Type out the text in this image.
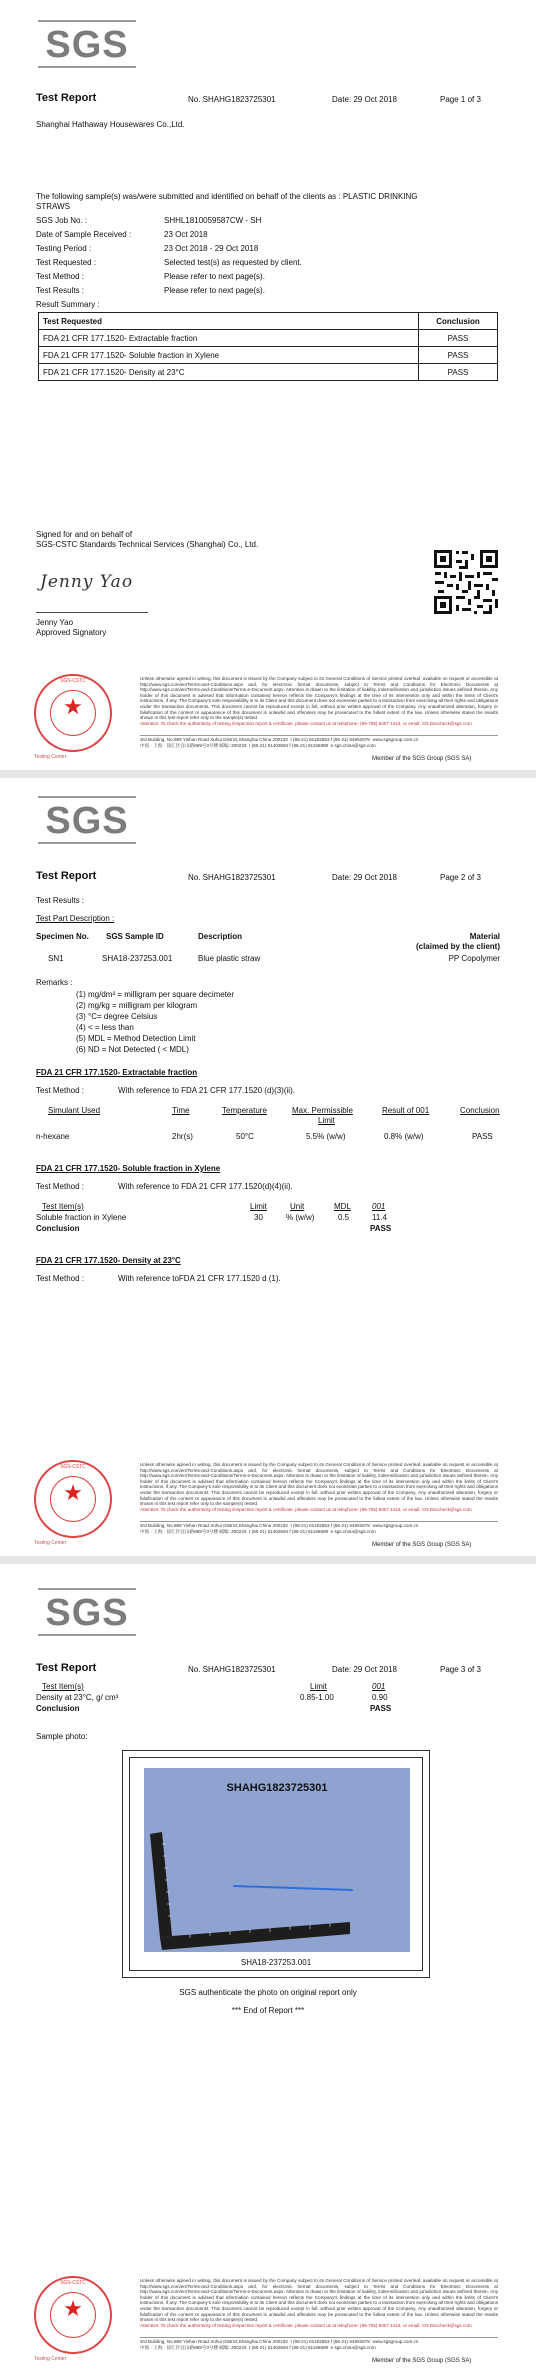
SGS
Test Report	No. SHAHG1823725301	Date: 29 Oct 2018	Page 1 of 3
Shanghai Hathaway Housewares Co.,Ltd.
The following sample(s) was/were submitted and identified on behalf of the clients as : PLASTIC DRINKING
STRAWS
SGS Job No. :	SHHL1810059587CW - SH
Date of Sample Received :	23 Oct 2018
Testing Period :	23 Oct 2018 - 29 Oct 2018
Test Requested :	Selected test(s) as requested by client.
Test Method :	Please refer to next page(s).
Test Results :	Please refer to next page(s).
Result Summary :
Test Requested	Conclusion
FDA 21 CFR 177.1520- Extractable fraction	PASS
FDA 21 CFR 177.1520- Soluble fraction in Xylene	PASS
FDA 21 CFR 177.1520- Density at 23°C	PASS
Signed for and on behalf of
SGS-CSTC Standards Technical Services (Shanghai) Co., Ltd.
Jenny Yao
Jenny Yao
Approved Signatory
SGS-CSTC
★
Testing Center
Unless otherwise agreed in writing, this document is issued by the Company subject to its General Conditions of Service printed overleaf, available on request or accessible at http://www.sgs.com/en/Terms-and-Conditions.aspx and, for electronic format documents, subject to Terms and Conditions for Electronic Documents at http://www.sgs.com/en/Terms-and-Conditions/Terms-e-Document.aspx. Attention is drawn to the limitation of liability, indemnification and jurisdiction issues defined therein. Any holder of this document is advised that information contained hereon reflects the Company's findings at the time of its intervention only and within the limits of Client's instructions, if any. The Company's sole responsibility is to its Client and this document does not exonerate parties to a transaction from exercising all their rights and obligations under the transaction documents. This document cannot be reproduced except in full, without prior written approval of the Company. Any unauthorized alteration, forgery or falsification of the content or appearance of this document is unlawful and offenders may be prosecuted to the fullest extent of the law. Unless otherwise stated the results shown in this test report refer only to the sample(s) tested.
Attention: To check the authenticity of testing /inspection report & certificate, please contact us at telephone: (86-755) 8307 1443, or email: CN.Doccheck@sgs.com
3rd Building, No.889 Yishan Road Xuhui District,Shanghai China 200233 t (86-21) 61402553 f (86-21) 64953679 www.sgsgroup.com.cn
中国 · 上海 · 徐汇区宜山路889号3号楼 邮编: 200233 t (86-21) 61402594 f (86-21) 61156899 e sgs.china@sgs.com
Member of the SGS Group (SGS SA)
SGS
Test Report	No. SHAHG1823725301	Date: 29 Oct 2018	Page 2 of 3
Test Results :
Test Part Description :
Specimen No. SGS Sample ID	Description	Material
(claimed by the client)
SN1	SHA18-237253.001	Blue plastic straw	PP Copolymer
Remarks :
(1) mg/dm² = milligram per square decimeter
(2) mg/kg = milligram per kilogram
(3) °C= degree Celsius
(4) < = less than
(5) MDL = Method Detection Limit
(6) ND = Not Detected ( < MDL)
FDA 21 CFR 177.1520- Extractable fraction
Test Method :	With reference to FDA 21 CFR 177.1520 (d)(3)(ii).
Simulant Used	Time	Temperature	Max. Permissible
Limit
Result of 001	Conclusion
n-hexane	2hr(s)	50°C	5.5% (w/w)	0.8% (w/w)	PASS
FDA 21 CFR 177.1520- Soluble fraction in Xylene
Test Method :	With reference to FDA 21 CFR 177.1520(d)(4)(ii).
Test Item(s)	Limit	Unit	MDL	001
Soluble fraction in Xylene	30	% (w/w)	0.5	11.4
Conclusion	PASS
FDA 21 CFR 177.1520- Density at 23°C
Test Method :	With reference toFDA 21 CFR 177.1520 d (1).
SGS-CSTC
★
Testing Center
Unless otherwise agreed in writing, this document is issued by the Company subject to its General Conditions of Service printed overleaf, available on request or accessible at http://www.sgs.com/en/Terms-and-Conditions.aspx and, for electronic format documents, subject to Terms and Conditions for Electronic Documents at http://www.sgs.com/en/Terms-and-Conditions/Terms-e-Document.aspx. Attention is drawn to the limitation of liability, indemnification and jurisdiction issues defined therein. Any holder of this document is advised that information contained hereon reflects the Company's findings at the time of its intervention only and within the limits of Client's instructions, if any. The Company's sole responsibility is to its Client and this document does not exonerate parties to a transaction from exercising all their rights and obligations under the transaction documents. This document cannot be reproduced except in full, without prior written approval of the Company. Any unauthorized alteration, forgery or falsification of the content or appearance of this document is unlawful and offenders may be prosecuted to the fullest extent of the law. Unless otherwise stated the results shown in this test report refer only to the sample(s) tested.
Attention: To check the authenticity of testing /inspection report & certificate, please contact us at telephone: (86-755) 8307 1443, or email: CN.Doccheck@sgs.com
3rd Building, No.889 Yishan Road Xuhui District,Shanghai China 200233 t (86-21) 61402553 f (86-21) 64953679 www.sgsgroup.com.cn
中国 · 上海 · 徐汇区宜山路889号3号楼 邮编: 200233 t (86-21) 61402594 f (86-21) 61156899 e sgs.china@sgs.com
Member of the SGS Group (SGS SA)
SGS
Test Report	No. SHAHG1823725301	Date: 29 Oct 2018	Page 3 of 3
Test Item(s)	Limit	001
Density at 23°C, g/ cm³	0.85-1.00	0.90
Conclusion	PASS
Sample photo:
SHAHG1823725301
SHA18-237253.001
SGS authenticate the photo on original report only
*** End of Report ***
SGS-CSTC
★
Testing Center
Unless otherwise agreed in writing, this document is issued by the Company subject to its General Conditions of Service printed overleaf, available on request or accessible at http://www.sgs.com/en/Terms-and-Conditions.aspx and, for electronic format documents, subject to Terms and Conditions for Electronic Documents at http://www.sgs.com/en/Terms-and-Conditions/Terms-e-Document.aspx. Attention is drawn to the limitation of liability, indemnification and jurisdiction issues defined therein. Any holder of this document is advised that information contained hereon reflects the Company's findings at the time of its intervention only and within the limits of Client's instructions, if any. The Company's sole responsibility is to its Client and this document does not exonerate parties to a transaction from exercising all their rights and obligations under the transaction documents. This document cannot be reproduced except in full, without prior written approval of the Company. Any unauthorized alteration, forgery or falsification of the content or appearance of this document is unlawful and offenders may be prosecuted to the fullest extent of the law. Unless otherwise stated the results shown in this test report refer only to the sample(s) tested.
Attention: To check the authenticity of testing /inspection report & certificate, please contact us at telephone: (86-755) 8307 1443, or email: CN.Doccheck@sgs.com
3rd Building, No.889 Yishan Road Xuhui District,Shanghai China 200233 t (86-21) 61402553 f (86-21) 64953679 www.sgsgroup.com.cn
中国 · 上海 · 徐汇区宜山路889号3号楼 邮编: 200233 t (86-21) 61402594 f (86-21) 61156899 e sgs.china@sgs.com
Member of the SGS Group (SGS SA)
